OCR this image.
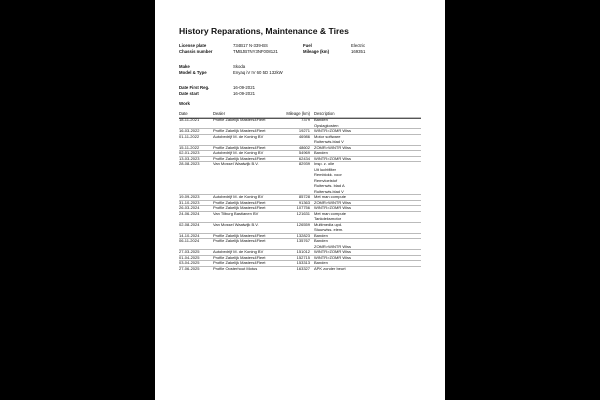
History Reparations, Maintenance & Tires
License plate	734B17 N-339-BS	Fuel	Electric
Chassis number	TMBJB7NY3NF008121	Mileage (km)	169351
Make	Skoda
Model & Type	Enyaq iV IV 60 5D 132kW
Date First Reg.	16-09-2021
Date start	16-09-2021
Work
Date	Dealer	Mileage (km) Description
18-11-2021	Profile Zakelijk Masters4Fleet	7379 Banden
Opslagkosten
16-03-2022	Profile Zakelijk Masters4Fleet	19271 WINTR>ZOMR Wiss
01-11-2022	Autobedrijf M. de Koning BV	46986 Motor software
Ruitenwis.blad V
15-11-2022	Profile Zakelijk Masters4Fleet	48602 ZOMR>WINTR Wiss
02-01-2023	Autobedrijf M. de Koning BV	54969 Banden
13-03-2023	Profile Zakelijk Masters4Fleet	62434 WINTR>ZOMR Wiss
28-08-2023	Van Mossel Waalwijk B.V.	82939 Insp. z. olie
Uit luchtfilter
Remblokk. voor
Remvloeistof
Ruitenwis. blad A
Ruitenwis.blad V
19-09-2023	Autobedrijf M. de Koning BV	85728 Met man compute
31-10-2023	Profile Zakelijk Masters4Fleet	91363 ZOMR>WINTR Wiss
26-03-2024	Profile Zakelijk Masters4Fleet	107756 WINTR>ZOMR Wiss
24-06-2024	Van Tilburg Bastianen BV	121631 Met man compute
Tankdeksmotor
02-08-2024	Van Mossel Waalwijk B.V.	126559 Multimedia upd.
Stuurwiss. elem.
14-10-2024	Profile Zakelijk Masters4Fleet	132823 Banden
06-11-2024	Profile Zakelijk Masters4Fleet	135767 Banden
ZOMR>WINTR Wiss
27-03-2025	Autobedrijf M. de Koning BV	151012 WINTR>ZOMR Wiss
01-04-2025	Profile Zakelijk Masters4Fleet	152715 WINTR>ZOMR Wiss
03-04-2025	Profile Zakelijk Masters4Fleet	153313 Banden
27-06-2025	Profile Oosterhout Motus	163327 APK zonder beurt
